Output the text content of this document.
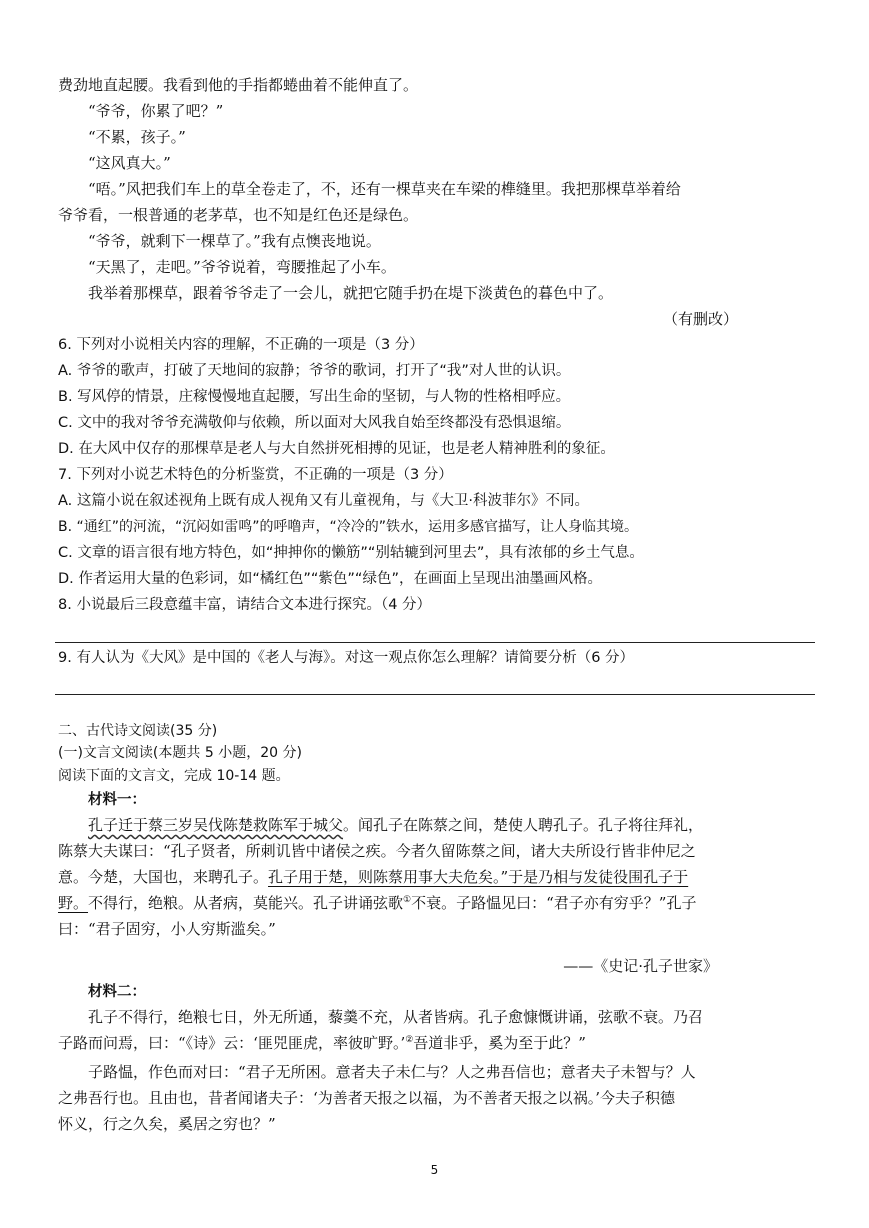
费劲地直起腰。我看到他的手指都蜷曲着不能伸直了。
“爷爷，你累了吧？”
“不累，孩子。”
“这风真大。”
“唔。”风把我们车上的草全卷走了，不，还有一棵草夹在车梁的榫缝里。我把那棵草举着给
爷爷看，一根普通的老茅草，也不知是红色还是绿色。
“爷爷，就剩下一棵草了。”我有点懊丧地说。
“天黑了，走吧。”爷爷说着，弯腰推起了小车。
我举着那棵草，跟着爷爷走了一会儿，就把它随手扔在堤下淡黄色的暮色中了。
（有删改）
6. 下列对小说相关内容的理解，不正确的一项是（3 分）
A. 爷爷的歌声，打破了天地间的寂静；爷爷的歌词，打开了“我”对人世的认识。
B. 写风停的情景，庄稼慢慢地直起腰，写出生命的坚韧，与人物的性格相呼应。
C. 文中的我对爷爷充满敬仰与依赖，所以面对大风我自始至终都没有恐惧退缩。
D. 在大风中仅存的那棵草是老人与大自然拼死相搏的见证，也是老人精神胜利的象征。
7. 下列对小说艺术特色的分析鉴赏，不正确的一项是（3 分）
A. 这篇小说在叙述视角上既有成人视角又有儿童视角，与《大卫·科波菲尔》不同。
B. “通红”的河流，“沉闷如雷鸣”的呼噜声，“冷冷的”铁水，运用多感官描写，让人身临其境。
C. 文章的语言很有地方特色，如“抻抻你的懒筋”“别轱辘到河里去”，具有浓郁的乡土气息。
D. 作者运用大量的色彩词，如“橘红色”“紫色”“绿色”，在画面上呈现出油墨画风格。
8. 小说最后三段意蕴丰富，请结合文本进行探究。（4 分）
9. 有人认为《大风》是中国的《老人与海》。对这一观点你怎么理解？请简要分析（6 分）
二、古代诗文阅读(35 分)
(一)文言文阅读(本题共 5 小题，20 分)
阅读下面的文言文，完成 10-14 题。
材料一：
孔子迁于蔡三岁吴伐陈楚救陈军于城父。闻孔子在陈蔡之间，楚使人聘孔子。孔子将往拜礼，
陈蔡大夫谋曰：“孔子贤者，所刺讥皆中诸侯之疾。今者久留陈蔡之间，诸大夫所设行皆非仲尼之
意。今楚，大国也，来聘孔子。孔子用于楚，则陈蔡用事大夫危矣。”于是乃相与发徒役围孔子于
野。不得行，绝粮。从者病，莫能兴。孔子讲诵弦歌①不衰。子路愠见曰：“君子亦有穷乎？”孔子
曰：“君子固穷，小人穷斯滥矣。”
——《史记·孔子世家》
材料二：
孔子不得行，绝粮七日，外无所通，藜羹不充，从者皆病。孔子愈慷慨讲诵，弦歌不衰。乃召
子路而问焉，曰：“《诗》云：‘匪兕匪虎，率彼旷野。’②吾道非乎，奚为至于此？”
子路愠，作色而对曰：“君子无所困。意者夫子未仁与？人之弗吾信也；意者夫子未智与？人
之弗吾行也。且由也，昔者闻诸夫子：‘为善者天报之以福，为不善者天报之以祸。’今夫子积德
怀义，行之久矣，奚居之穷也？”
5
